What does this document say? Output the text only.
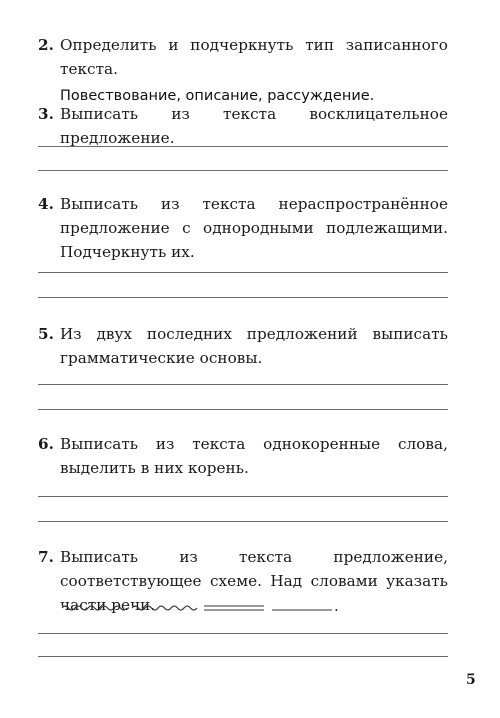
2. Определить и подчеркнуть тип записанного текста.
Повествование, описание, рассуждение.
3. Выписать из текста восклицательное предложение.
4. Выписать из текста нераспространённое предложение с однородными подлежащими. Подчеркнуть их.
5. Из двух последних предложений выписать грамматические основы.
6. Выписать из текста однокоренные слова, выделить в них корень.
7. Выписать из текста предложение, соответствующее схеме. Над словами указать части речи.	.
5
